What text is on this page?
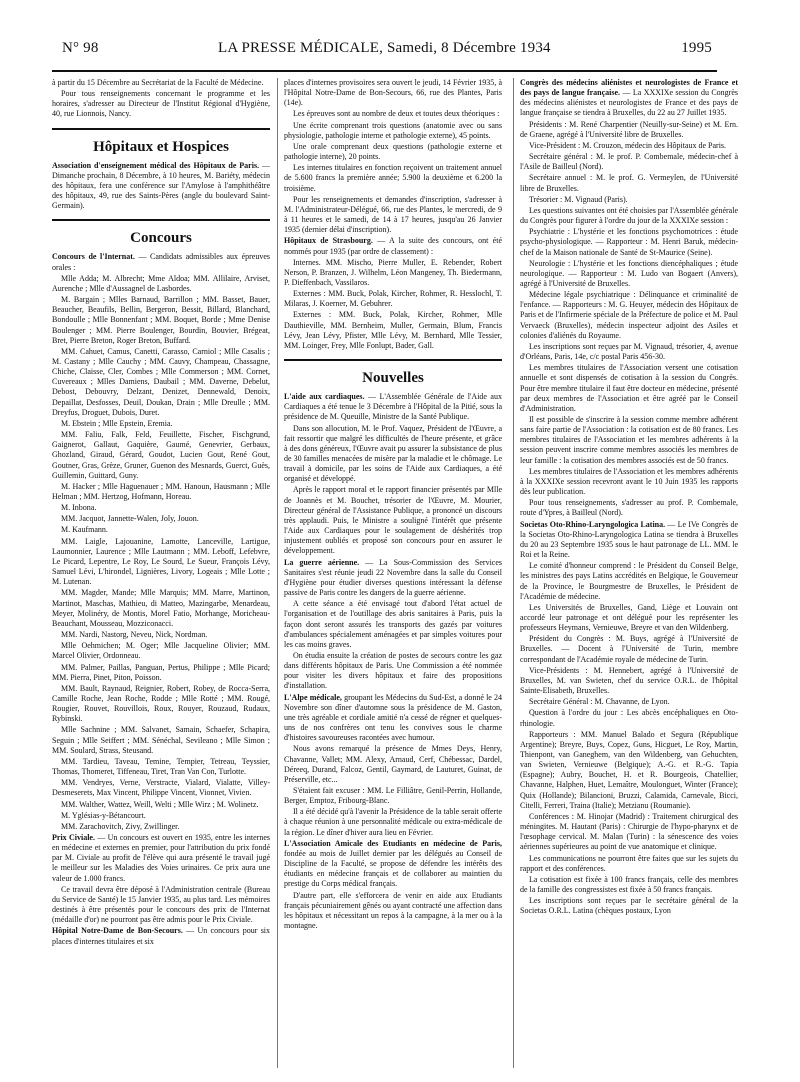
N° 98	LA PRESSE MÉDICALE, Samedi, 8 Décembre 1934	1995

à partir du 15 Décembre au Secrétariat de la Faculté de Médecine.

Pour tous renseignements concernant le programme et les horaires, s'adresser au Directeur de l'Institut Régional d'Hygiène, 40, rue Lionnois, Nancy.

Hôpitaux et Hospices

Association d'enseignement médical des Hôpitaux de Paris. — Dimanche prochain, 8 Décembre, à 10 heures, M. Bariéty, médecin des hôpitaux, fera une conférence sur l'Amylose à l'amphithéâtre des hôpitaux, 49, rue des Saints-Pères (angle du boulevard Saint-Germain).

Concours

Concours de l'Internat. — Candidats admissibles aux épreuves orales :

Mlle Adda; M. Albrecht; Mme Aldoa; MM. Allilaire, Arviset, Aurenche ; Mlle d'Aussagnel de Lasbordes.

M. Bargain ; Mlles Barnaud, Barrillon ; MM. Basset, Bauer, Beaucher, Beaufils, Bellin, Bergeron, Bessit, Billard, Blanchard, Bondoulle ; Mlle Bonnenfant ; MM. Boquet, Borde ; Mme Denise Boulenger ; MM. Pierre Boulenger, Bourdin, Bouvier, Brégeat, Bret, Pierre Breton, Roger Breton, Buffard.

MM. Cahuet, Camus, Canetti, Carasso, Carniol ; Mlle Casalis ; M. Castany ; Mlle Cauchy ; MM. Cauvy, Champeau, Chassagne, Chiche, Claisse, Cler, Combes ; Mlle Commerson ; MM. Cornet, Cuvereaux ; Mlles Damiens, Daubail ; MM. Daverne, Debelut, Debost, Debouvry, Delzant, Denizet, Dennewald, Denoix, Depaillat, Desfosses, Deuil, Doukan, Drain ; Mlle Dreulle ; MM. Dreyfus, Droguet, Dubois, Duret.

M. Ebstein ; Mlle Epstein, Eremia.

MM. Faliu, Falk, Feld, Feuillette, Fischer, Fischgrund, Gaignerot, Gallaut, Gaquière, Gaumé, Genevrier, Gerbaux, Ghozland, Giraud, Gérard, Goudot, Lucien Gout, René Gout, Goutner, Gras, Grèze, Gruner, Guenon des Mesnards, Guerct, Guès, Guillemin, Guittard, Guny.

M. Hacker ; Mlle Haguenauer ; MM. Hanoun, Hausmann ; Mlle Helman ; MM. Hertzog, Hofmann, Horeau.

M. Inbona.

MM. Jacquot, Jannette-Walen, Joly, Jouon.

M. Kaufmann.

MM. Laigle, Lajouanine, Lamotte, Lanceville, Lartigue, Laumonnier, Laurence ; Mlle Lautmann ; MM. Leboff, Lefebvre, Le Picard, Lepentre, Le Roy, Le Sourd, Le Sueur, François Lévy, Samuel Lévi, L'hirondel, Lignières, Livory, Logeais ; Mlle Lotte ; M. Lutenan.

MM. Magder, Mande; Mlle Marquis; MM. Marre, Martinon, Martinot, Maschas, Mathieu, di Matteo, Mazingarbe, Menardeau, Meyer, Molinéry, de Montis, Morel Fatio, Morhange, Moricheau-Beauchant, Mousseau, Mozziconacci.

MM. Nardi, Nastorg, Neveu, Nick, Nordman.

Mlle Oehmichen; M. Oger; Mlle Jacqueline Olivier; MM. Marcel Olivier, Ordonneau.

MM. Palmer, Paillas, Panguan, Pertus, Philippe ; Mlle Picard; MM. Pierra, Pinet, Piton, Poisson.

MM. Bault, Raynaud, Reignier, Robert, Robey, de Rocca-Serra, Camille Roche, Jean Roche, Rodde ; Mlle Rotté ; MM. Rougé, Rougier, Rouvet, Rouvillois, Roux, Rouyer, Rouzaud, Rudaux, Rybinski.

Mlle Sachnine ; MM. Salvanet, Samain, Schaefer, Schapira, Seguin ; Mlle Seiffert ; MM. Sénéchal, Sevileano ; Mlle Simon ; MM. Soulard, Strass, Steusand.

MM. Tardieu, Taveau, Temine, Tempier, Tetreau, Teyssier, Thomas, Thomeret, Tiffeneau, Tiret, Tran Van Con, Turlotte.

MM. Vendryes, Verne, Verstracte, Vialard, Vialatte, Villey-Desmeserets, Max Vincent, Philippe Vincent, Vionnet, Vivien.

MM. Walther, Wattez, Weill, Welti ; Mlle Wirz ; M. Wolinetz.

M. Yglésias-y-Bétancourt.

MM. Zarachovitch, Zivy, Zwillinger.

Prix Civiale. — Un concours est ouvert en 1935, entre les internes en médecine et externes en premier, pour l'attribution du prix fondé par M. Civiale au profit de l'élève qui aura présenté le travail jugé le meilleur sur les Maladies des Voies urinaires. Ce prix aura une valeur de 1.000 francs.

Ce travail devra être déposé à l'Administration centrale (Bureau du Service de Santé) le 15 Janvier 1935, au plus tard. Les mémoires destinés à être présentés pour le concours des prix de l'Internat (médaille d'or) ne pourront pas être admis pour le Prix Civiale.

Hôpital Notre-Dame de Bon-Secours. — Un concours pour six places d'internes titulaires et six

places d'internes provisoires sera ouvert le jeudi, 14 Février 1935, à l'Hôpital Notre-Dame de Bon-Secours, 66, rue des Plantes, Paris (14e).

Les épreuves sont au nombre de deux et toutes deux théoriques :

Une écrite comprenant trois questions (anatomie avec ou sans physiologie, pathologie interne et pathologie externe), 45 points.

Une orale comprenant deux questions (pathologie externe et pathologie interne), 20 points.

Les internes titulaires en fonction reçoivent un traitement annuel de 5.600 francs la première année; 5.900 la deuxième et 6.200 la troisième.

Pour les renseignements et demandes d'inscription, s'adresser à M. l'Administrateur-Délégué, 66, rue des Plantes, le mercredi, de 9 à 11 heures et le samedi, de 14 à 17 heures, jusqu'au 26 Janvier 1935 (dernier délai d'inscription).

Hôpitaux de Strasbourg. — A la suite des concours, ont été nommés pour 1935 (par ordre de classement) :

Internes. MM. Mischo, Pierre Muller, E. Rebender, Robert Nerson, P. Branzen, J. Wilhelm, Léon Mangeney, Th. Biedermann, P. Dieffenbach, Vassilaros.

Externes : MM. Buck, Polak, Kircher, Rohmer, R. Hesslochl, T. Milaras, J. Koerner, M. Gebuhrer.

Externes : MM. Buck, Polak, Kircher, Rohmer, Mlle Dauthieville, MM. Bernheim, Muller, Germain, Blum, Francis Lévy, Jean Lévy, Pfister, Mlle Lévy, M. Bernhard, Mlle Tessier, MM. Loinger, Frey, Mlle Fonlupt, Bader, Gall.

Nouvelles

L'aide aux cardiaques. — L'Assemblée Générale de l'Aide aux Cardiaques a été tenue le 3 Décembre à l'Hôpital de la Pitié, sous la présidence de M. Queuille, Ministre de la Santé Publique.

Dans son allocution, M. le Prof. Vaquez, Président de l'Œuvre, a fait ressortir que malgré les difficultés de l'heure présente, et grâce à des dons généreux, l'Œuvre avait pu assurer la subsistance de plus de 30 familles menacées de misère par la maladie et le chômage. Le travail à domicile, par les soins de l'Aide aux Cardiaques, a été organisé et développé.

Après le rapport moral et le rapport financier présentés par Mlle de Joannès et M. Bouchet, trésorier de l'Œuvre, M. Mourier, Directeur général de l'Assistance Publique, a prononcé un discours très applaudi. Puis, le Ministre a souligné l'intérêt que présente l'Aide aux Cardiaques pour le soulagement de déshérités trop injustement oubliés et proposé son concours pour en assurer le développement.

La guerre aérienne. — La Sous-Commission des Services Sanitaires s'est réunie jeudi 22 Novembre dans la salle du Conseil d'Hygiène pour étudier diverses questions intéressant la défense passive de Paris contre les dangers de la guerre aérienne.

A cette séance a été envisagé tout d'abord l'état actuel de l'organisation et de l'outillage des abris sanitaires à Paris, puis la façon dont seront assurés les transports des gazés par voitures d'ambulances spécialement aménagées et par simples voitures pour les cas moins graves.

On étudia ensuite la création de postes de secours contre les gaz dans différents hôpitaux de Paris. Une Commission a été nommée pour visiter les divers hôpitaux et faire des propositions d'installation.

L'Alpe médicale, groupant les Médecins du Sud-Est, a donné le 24 Novembre son dîner d'automne sous la présidence de M. Gaston, une très agréable et cordiale amitié n'a cessé de régner et quelques-uns de nos confrères ont tenu les convives sous le charme d'histoires savoureuses racontées avec humour.

Nous avons remarqué la présence de Mmes Deys, Henry, Chavanne, Vallet; MM. Alexy, Arnaud, Cerf, Chébessac, Dardel, Déreeq, Durand, Falcoz, Gentil, Gaymard, de Lauturet, Guinat, de Préserville, etc...

S'étaient fait excuser : MM. Le Filliâtre, Genil-Perrin, Hollande, Berger, Emptoz, Fribourg-Blanc.

Il a été décidé qu'à l'avenir la Présidence de la table serait offerte à chaque réunion à une personnalité médicale ou extra-médicale de la région. Le dîner d'hiver aura lieu en Février.

L'Association Amicale des Etudiants en médecine de Paris, fondée au mois de Juillet dernier par les délégués au Conseil de Discipline de la Faculté, se propose de défendre les intérêts des étudiants en médecine français et de collaborer au maintien du prestige du Corps médical français.

D'autre part, elle s'efforcera de venir en aide aux Etudiants français pécuniairement gênés ou ayant contracté une affection dans les hôpitaux et nécessitant un repos à la campagne, à la mer ou à la montagne.

Congrès des médecins aliénistes et neurologistes de France et des pays de langue française. — La XXXIXe session du Congrès des médecins aliénistes et neurologistes de France et des pays de langue française se tiendra à Bruxelles, du 22 au 27 Juillet 1935.

Présidents : M. René Charpentier (Neuilly-sur-Seine) et M. Ern. de Graene, agrégé à l'Université libre de Bruxelles.

Vice-Président : M. Crouzon, médecin des Hôpitaux de Paris.

Secrétaire général : M. le prof. P. Combemale, médecin-chef à l'Asile de Bailleul (Nord).

Secrétaire annuel : M. le prof. G. Vermeylen, de l'Université libre de Bruxelles.

Trésorier : M. Vignaud (Paris).

Les questions suivantes ont été choisies par l'Assemblée générale du Congrès pour figurer à l'ordre du jour de la XXXIXe session :

Psychiatrie : L'hystérie et les fonctions psychomotrices : étude psycho-physiologique. — Rapporteur : M. Henri Baruk, médecin-chef de la Maison nationale de Santé de St-Maurice (Seine).

Neurologie : L'hystérie et les fonctions diencéphaliques ; étude neurologique. — Rapporteur : M. Ludo van Bogaert (Anvers), agrégé à l'Université de Bruxelles.

Médecine légale psychiatrique : Délinquance et criminalité de l'enfance. — Rapporteurs : M. G. Heuyer, médecin des Hôpitaux de Paris et de l'Infirmerie spéciale de la Préfecture de police et M. Paul Vervaeck (Bruxelles), médecin inspecteur adjoint des Asiles et colonies d'aliénés du Royaume.

Les inscriptions sont reçues par M. Vignaud, trésorier, 4, avenue d'Orléans, Paris, 14e, c/c postal Paris 456-30.

Les membres titulaires de l'Association versent une cotisation annuelle et sont dispensés de cotisation à la session du Congrès. Pour être membre titulaire il faut être docteur en médecine, présenté par deux membres de l'Association et être agréé par le Conseil d'Administration.

Il est possible de s'inscrire à la session comme membre adhérent sans faire partie de l'Association : la cotisation est de 80 francs. Les membres titulaires de l'Association et les membres adhérents à la session peuvent inscrire comme membres associés les membres de leur famille : la cotisation des membres associés est de 50 francs.

Les membres titulaires de l'Association et les membres adhérents à la XXXIXe session recevront avant le 10 Juin 1935 les rapports dès leur publication.

Pour tous renseignements, s'adresser au prof. P. Combemale, route d'Ypres, à Bailleul (Nord).

Societas Oto-Rhino-Laryngologica Latina. — Le IVe Congrès de la Societas Oto-Rhino-Laryngologica Latina se tiendra à Bruxelles du 20 au 23 Septembre 1935 sous le haut patronage de LL. MM. le Roi et la Reine.

Le comité d'honneur comprend : le Président du Conseil Belge, les ministres des pays Latins accrédités en Belgique, le Gouverneur de la Province, le Bourgmestre de Bruxelles, le Président de l'Académie de médecine.

Les Universités de Bruxelles, Gand, Liège et Louvain ont accordé leur patronage et ont délégué pour les représenter les professeurs Heymans, Vernieuwe, Breyre et van den Wildenberg.

Président du Congrès : M. Buys, agrégé à l'Université de Bruxelles. — Docent à l'Université de Turin, membre correspondant de l'Académie royale de médecine de Turin.

Vice-Présidents : M. Hennebert, agrégé à l'Université de Bruxelles, M. van Swieten, chef du service O.R.L. de l'hôpital Sainte-Elisabeth, Bruxelles.

Secrétaire Général : M. Chavanne, de Lyon.

Question à l'ordre du jour : Les abcès encéphaliques en Oto-rhinologie.

Rapporteurs : MM. Manuel Balado et Segura (République Argentine); Breyre, Buys, Copez, Guns, Hicguet, Le Roy, Martin, Thienpont, van Ganeghem, van den Wildenberg, van Gehuchten, van Swieten, Vernieuwe (Belgique); A.-G. et R.-G. Tapia (Espagne); Aubry, Bouchet, H. et R. Bourgeois, Chatellier, Chavanne, Halphen, Huet, Lemaître, Moulonguet, Winter (France); Quix (Hollande); Bilancioni, Bruzzi, Calamida, Carnevale, Bicci, Citelli, Ferreri, Traina (Italie); Metzianu (Roumanie).

Conférences : M. Hinojar (Madrid) : Traitement chirurgical des méningites. M. Hautant (Paris) : Chirurgie de l'hypo-pharynx et de l'œsophage cervical. M. Malan (Turin) : la sénescence des voies aériennes supérieures au point de vue anatomique et clinique.

Les communications ne pourront être faites que sur les sujets du rapport et des conférences.

La cotisation est fixée à 100 francs français, celle des membres de la famille des congressistes est fixée à 50 francs français.

Les inscriptions sont reçues par le secrétaire général de la Societas O.R.L. Latina (chèques postaux, Lyon
